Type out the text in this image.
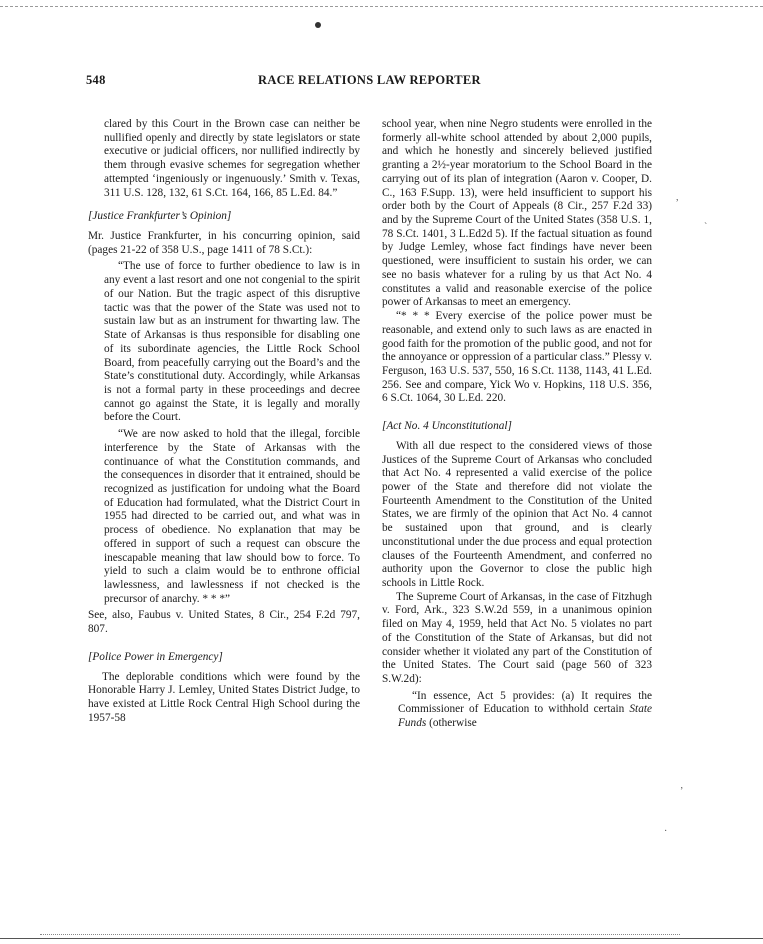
548	RACE RELATIONS LAW REPORTER

clared by this Court in the Brown case can neither be nullified openly and directly by state legislators or state executive or judicial officers, nor nullified indirectly by them through evasive schemes for segregation whether attempted ‘ingeniously or ingenuously.’ Smith v. Texas, 311 U.S. 128, 132, 61 S.Ct. 164, 166, 85 L.Ed. 84.”

[Justice Frankfurter’s Opinion]

Mr. Justice Frankfurter, in his concurring opinion, said (pages 21-22 of 358 U.S., page 1411 of 78 S.Ct.):

“The use of force to further obedience to law is in any event a last resort and one not congenial to the spirit of our Nation. But the tragic aspect of this disruptive tactic was that the power of the State was used not to sustain law but as an instrument for thwarting law. The State of Arkansas is thus responsible for disabling one of its subordinate agencies, the Little Rock School Board, from peacefully carrying out the Board’s and the State’s constitutional duty. Accordingly, while Arkansas is not a formal party in these proceedings and decree cannot go against the State, it is legally and morally before the Court.

“We are now asked to hold that the illegal, forcible interference by the State of Arkansas with the continuance of what the Constitution commands, and the consequences in disorder that it entrained, should be recognized as justification for undoing what the Board of Education had formulated, what the District Court in 1955 had directed to be carried out, and what was in process of obedience. No explanation that may be offered in support of such a request can obscure the inescapable meaning that law should bow to force. To yield to such a claim would be to enthrone official lawlessness, and lawlessness if not checked is the precursor of anarchy. * * *”

See, also, Faubus v. United States, 8 Cir., 254 F.2d 797, 807.

[Police Power in Emergency]

The deplorable conditions which were found by the Honorable Harry J. Lemley, United States District Judge, to have existed at Little Rock Central High School during the 1957-58

school year, when nine Negro students were enrolled in the formerly all-white school attended by about 2,000 pupils, and which he honestly and sincerely believed justified granting a 2½-year moratorium to the School Board in the carrying out of its plan of integration (Aaron v. Cooper, D. C., 163 F.Supp. 13), were held insufficient to support his order both by the Court of Appeals (8 Cir., 257 F.2d 33) and by the Supreme Court of the United States (358 U.S. 1, 78 S.Ct. 1401, 3 L.Ed2d 5). If the factual situation as found by Judge Lemley, whose fact findings have never been questioned, were insufficient to sustain his order, we can see no basis whatever for a ruling by us that Act No. 4 constitutes a valid and reasonable exercise of the police power of Arkansas to meet an emergency.

“* * * Every exercise of the police power must be reasonable, and extend only to such laws as are enacted in good faith for the promotion of the public good, and not for the annoyance or oppression of a particular class.” Plessy v. Ferguson, 163 U.S. 537, 550, 16 S.Ct. 1138, 1143, 41 L.Ed. 256. See and compare, Yick Wo v. Hopkins, 118 U.S. 356, 6 S.Ct. 1064, 30 L.Ed. 220.

[Act No. 4 Unconstitutional]

With all due respect to the considered views of those Justices of the Supreme Court of Arkansas who concluded that Act No. 4 represented a valid exercise of the police power of the State and therefore did not violate the Fourteenth Amendment to the Constitution of the United States, we are firmly of the opinion that Act No. 4 cannot be sustained upon that ground, and is clearly unconstitutional under the due process and equal protection clauses of the Fourteenth Amendment, and conferred no authority upon the Governor to close the public high schools in Little Rock.

The Supreme Court of Arkansas, in the case of Fitzhugh v. Ford, Ark., 323 S.W.2d 559, in a unanimous opinion filed on May 4, 1959, held that Act No. 5 violates no part of the Constitution of the State of Arkansas, but did not consider whether it violated any part of the Constitution of the United States. The Court said (page 560 of 323 S.W.2d):

“In essence, Act 5 provides: (a) It requires the Commissioner of Education to withhold certain State Funds (otherwise

,
`
’
·
